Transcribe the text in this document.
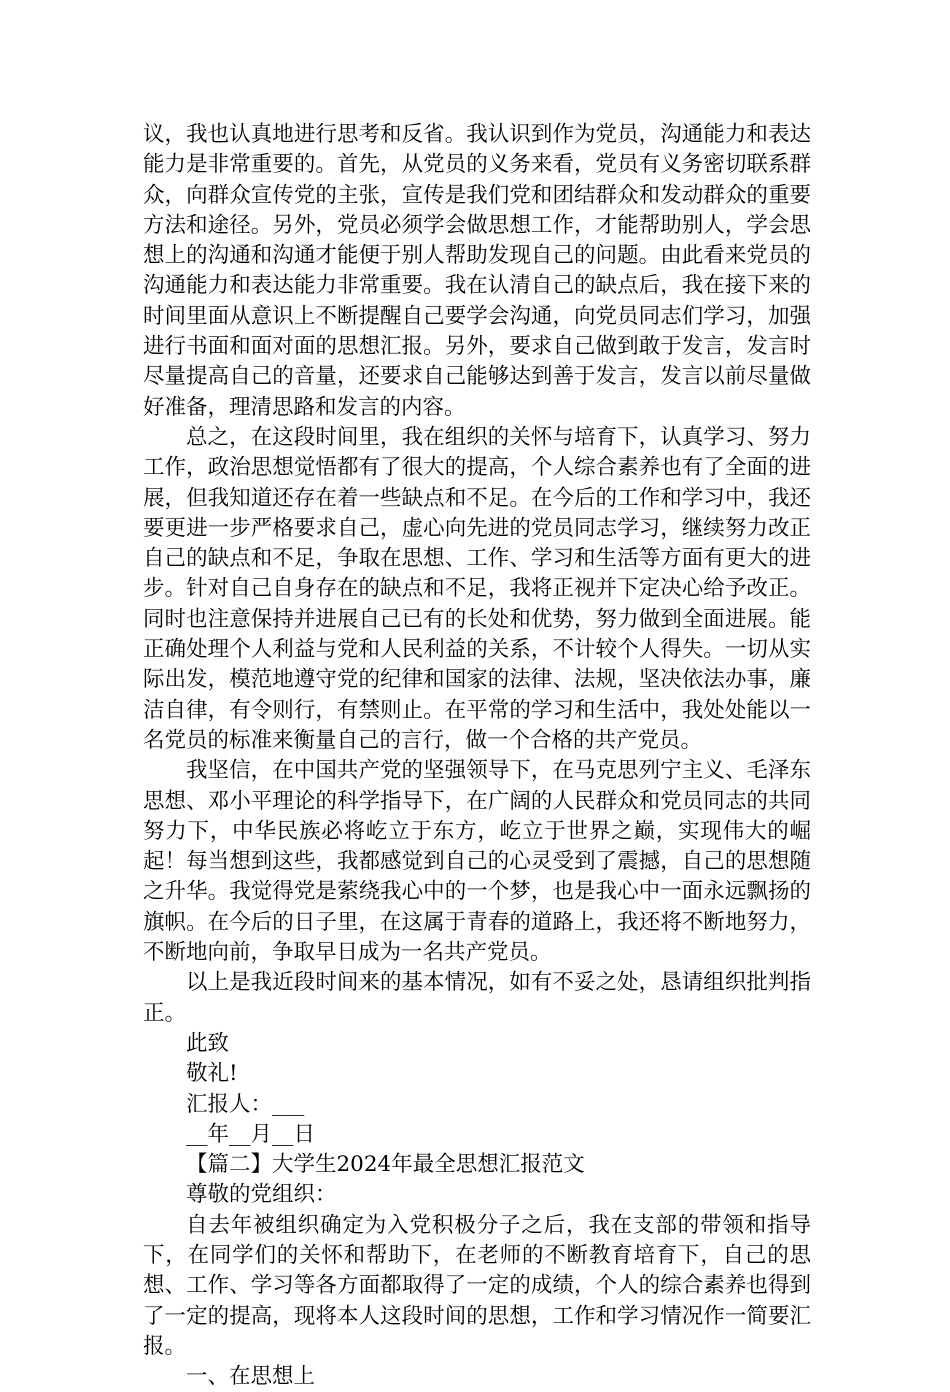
议，我也认真地进行思考和反省。我认识到作为党员，沟通能力和表达能力是非常重要的。首先，从党员的义务来看，党员有义务密切联系群众，向群众宣传党的主张，宣传是我们党和团结群众和发动群众的重要方法和途径。另外，党员必须学会做思想工作，才能帮助别人，学会思想上的沟通和沟通才能便于别人帮助发现自己的问题。由此看来党员的沟通能力和表达能力非常重要。我在认清自己的缺点后，我在接下来的时间里面从意识上不断提醒自己要学会沟通，向党员同志们学习，加强进行书面和面对面的思想汇报。另外，要求自己做到敢于发言，发言时尽量提高自己的音量，还要求自己能够达到善于发言，发言以前尽量做好准备，理清思路和发言的内容。

总之，在这段时间里，我在组织的关怀与培育下，认真学习、努力工作，政治思想觉悟都有了很大的提高，个人综合素养也有了全面的进展，但我知道还存在着一些缺点和不足。在今后的工作和学习中，我还要更进一步严格要求自己，虚心向先进的党员同志学习，继续努力改正自己的缺点和不足，争取在思想、工作、学习和生活等方面有更大的进步。针对自己自身存在的缺点和不足，我将正视并下定决心给予改正。同时也注意保持并进展自己已有的长处和优势，努力做到全面进展。能正确处理个人利益与党和人民利益的关系，不计较个人得失。一切从实际出发，模范地遵守党的纪律和国家的法律、法规，坚决依法办事，廉洁自律，有令则行，有禁则止。在平常的学习和生活中，我处处能以一名党员的标准来衡量自己的言行，做一个合格的共产党员。

我坚信，在中国共产党的坚强领导下，在马克思列宁主义、毛泽东思想、邓小平理论的科学指导下，在广阔的人民群众和党员同志的共同努力下，中华民族必将屹立于东方，屹立于世界之巅，实现伟大的崛起！每当想到这些，我都感觉到自己的心灵受到了震撼，自己的思想随之升华。我觉得党是萦绕我心中的一个梦，也是我心中一面永远飘扬的旗帜。在今后的日子里，在这属于青春的道路上，我还将不断地努力，不断地向前，争取早日成为一名共产党员。

以上是我近段时间来的基本情况，如有不妥之处，恳请组织批判指正。

此致

敬礼!

汇报人：___

__年__月__日

【篇二】大学生2024年最全思想汇报范文

尊敬的党组织：

自去年被组织确定为入党积极分子之后，我在支部的带领和指导下，在同学们的关怀和帮助下，在老师的不断教育培育下，自己的思想、工作、学习等各方面都取得了一定的成绩，个人的综合素养也得到了一定的提高，现将本人这段时间的思想，工作和学习情况作一简要汇报。

一、在思想上
